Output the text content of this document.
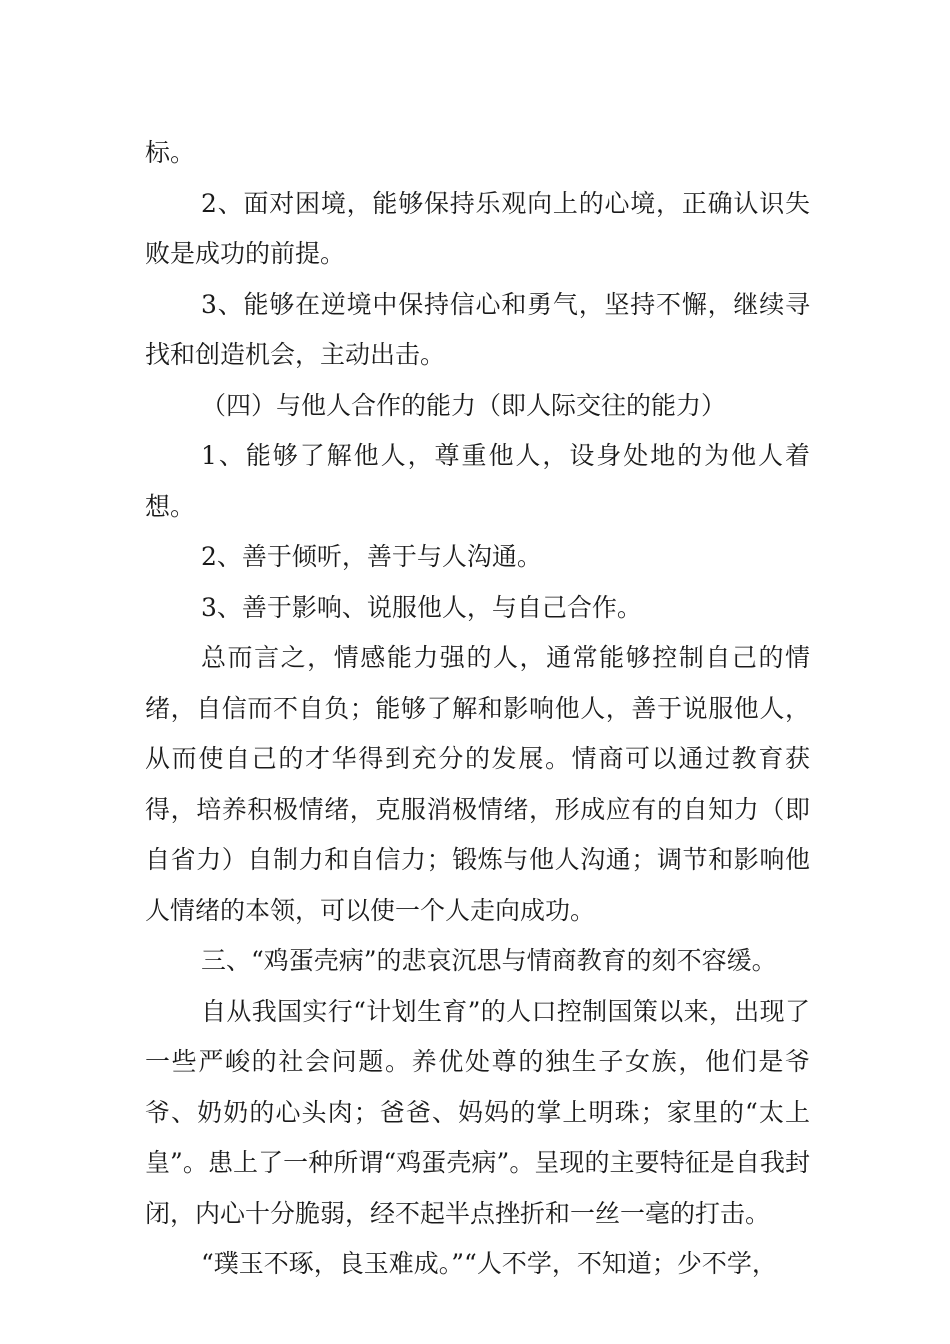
标。

2、面对困境，能够保持乐观向上的心境，正确认识失败是成功的前提。

3、能够在逆境中保持信心和勇气，坚持不懈，继续寻找和创造机会，主动出击。

（四）与他人合作的能力（即人际交往的能力）

1、能够了解他人，尊重他人，设身处地的为他人着想。

2、善于倾听，善于与人沟通。

3、善于影响、说服他人，与自己合作。

总而言之，情感能力强的人，通常能够控制自己的情绪，自信而不自负；能够了解和影响他人，善于说服他人，从而使自己的才华得到充分的发展。情商可以通过教育获得，培养积极情绪，克服消极情绪，形成应有的自知力（即自省力）自制力和自信力；锻炼与他人沟通；调节和影响他人情绪的本领，可以使一个人走向成功。

三、“鸡蛋壳病”的悲哀沉思与情商教育的刻不容缓。

自从我国实行“计划生育”的人口控制国策以来，出现了一些严峻的社会问题。养优处尊的独生子女族，他们是爷爷、奶奶的心头肉；爸爸、妈妈的掌上明珠；家里的“太上皇”。患上了一种所谓“鸡蛋壳病”。呈现的主要特征是自我封闭，内心十分脆弱，经不起半点挫折和一丝一毫的打击。

“璞玉不琢，良玉难成。”“人不学，不知道；少不学，
